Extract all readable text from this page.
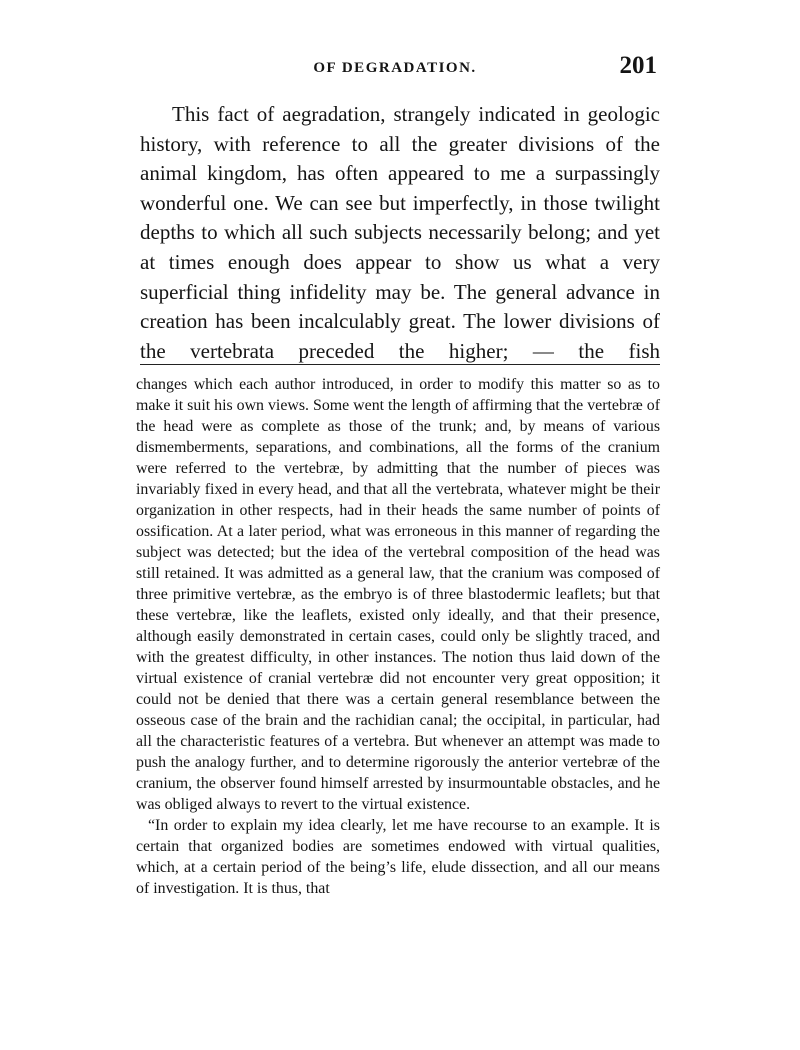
OF DEGRADATION.	201

This fact of aegradation, strangely indicated in geologic history, with reference to all the greater divisions of the animal kingdom, has often appeared to me a surpassingly wonderful one. We can see but imperfectly, in those twilight depths to which all such subjects necessarily belong; and yet at times enough does appear to show us what a very superficial thing infidelity may be. The general advance in creation has been incalculably great. The lower divisions of the vertebrata preceded the higher; — the fish

changes which each author introduced, in order to modify this matter so as to make it suit his own views. Some went the length of affirming that the vertebræ of the head were as complete as those of the trunk; and, by means of various dismemberments, separations, and combinations, all the forms of the cranium were referred to the vertebræ, by admitting that the number of pieces was invariably fixed in every head, and that all the vertebrata, whatever might be their organization in other respects, had in their heads the same number of points of ossification. At a later period, what was erroneous in this manner of regarding the subject was detected; but the idea of the vertebral composition of the head was still retained. It was admitted as a general law, that the cranium was composed of three primitive vertebræ, as the embryo is of three blastodermic leaflets; but that these vertebræ, like the leaflets, existed only ideally, and that their presence, although easily demonstrated in certain cases, could only be slightly traced, and with the greatest difficulty, in other instances. The notion thus laid down of the virtual existence of cranial vertebræ did not encounter very great opposition; it could not be denied that there was a certain general resemblance between the osseous case of the brain and the rachidian canal; the occipital, in particular, had all the characteristic features of a vertebra. But whenever an attempt was made to push the analogy further, and to determine rigorously the anterior vertebræ of the cranium, the observer found himself arrested by insurmountable obstacles, and he was obliged always to revert to the virtual existence.

“In order to explain my idea clearly, let me have recourse to an example. It is certain that organized bodies are sometimes endowed with virtual qualities, which, at a certain period of the being’s life, elude dissection, and all our means of investigation. It is thus, that
